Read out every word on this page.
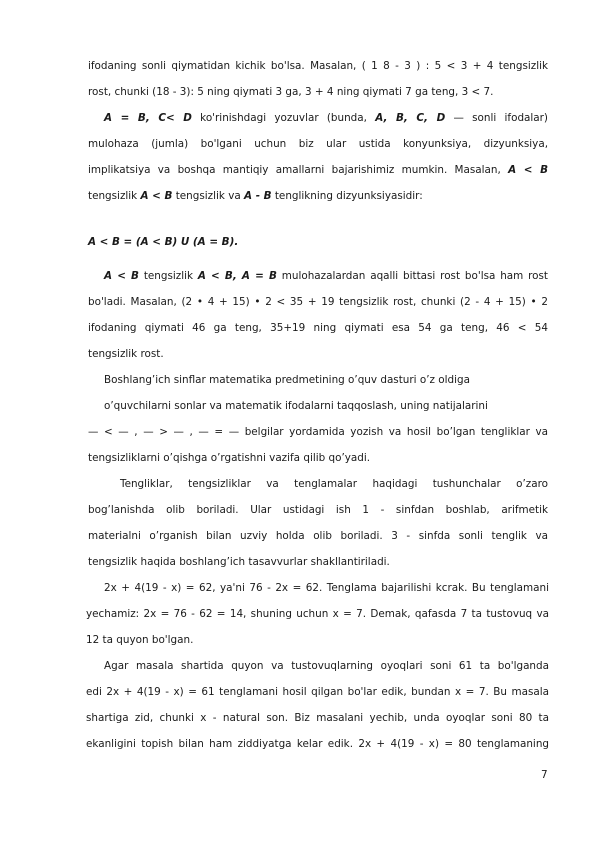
ifodaning sonli qiymatidan kichik bo'lsa. Masalan, ( 1 8 - 3 ) : 5 < 3 + 4 tengsizlik

rost, chunki (18 - 3): 5 ning qiymati 3 ga, 3 + 4 ning qiymati 7 ga teng, 3 < 7.

A = B, C< D ko'rinishdagi yozuvlar (bunda, A, B, C, D — sonli ifodalar)

mulohaza (jumla) bo'lgani uchun biz ular ustida konyunksiya, dizyunksiya,

implikatsiya va boshqa mantiqiy amallarni bajarishimiz mumkin. Masalan, A < B

tengsizlik A < B tengsizlik va A - B tenglikning dizyunksiyasidir:

A < B = (A < B) U (A = B).

A < B tengsizlik A < B, A = B mulohazalardan aqalli bittasi rost bo'lsa ham rost

bo'ladi. Masalan, (2 • 4 + 15) • 2 < 35 + 19 tengsizlik rost, chunki (2 - 4 + 15) • 2

ifodaning qiymati 46 ga teng, 35+19 ning qiymati esa 54 ga teng, 46 < 54

tengsizlik rost.

Boshlang’ich sinflar matematika predmetining o’quv dasturi o’z oldiga

o’quvchilarni sonlar va matematik ifodalarni taqqoslash, uning natijalarini

— < — , — > — , — = — belgilar yordamida yozish va hosil bo’lgan tengliklar va

tengsizliklarni o’qishga o’rgatishni vazifa qilib qo’yadi.

Tengliklar, tengsizliklar va tenglamalar haqidagi tushunchalar o’zaro

bog’lanishda olib boriladi. Ular ustidagi ish 1 - sinfdan boshlab, arifmetik

materialni o’rganish bilan uzviy holda olib boriladi. 3 - sinfda sonli tenglik va

tengsizlik haqida boshlang’ich tasavvurlar shakllantiriladi.

2x + 4(19 - x) = 62, ya'ni 76 - 2x = 62. Tenglama bajarilishi kcrak. Bu tenglamani

yechamiz: 2x = 76 - 62 = 14, shuning uchun x = 7. Demak, qafasda 7 ta tustovuq va

12 ta quyon bo'lgan.

Agar masala shartida quyon va tustovuqlarning oyoqlari soni 61 ta bo'lganda

edi 2x + 4(19 - x) = 61 tenglamani hosil qilgan bo'lar edik, bundan x = 7. Bu masala

shartiga zid, chunki x - natural son. Biz masalani yechib, unda oyoqlar soni 80 ta

ekanligini topish bilan ham ziddiyatga kelar edik. 2x + 4(19 - x) = 80 tenglamaning

7
